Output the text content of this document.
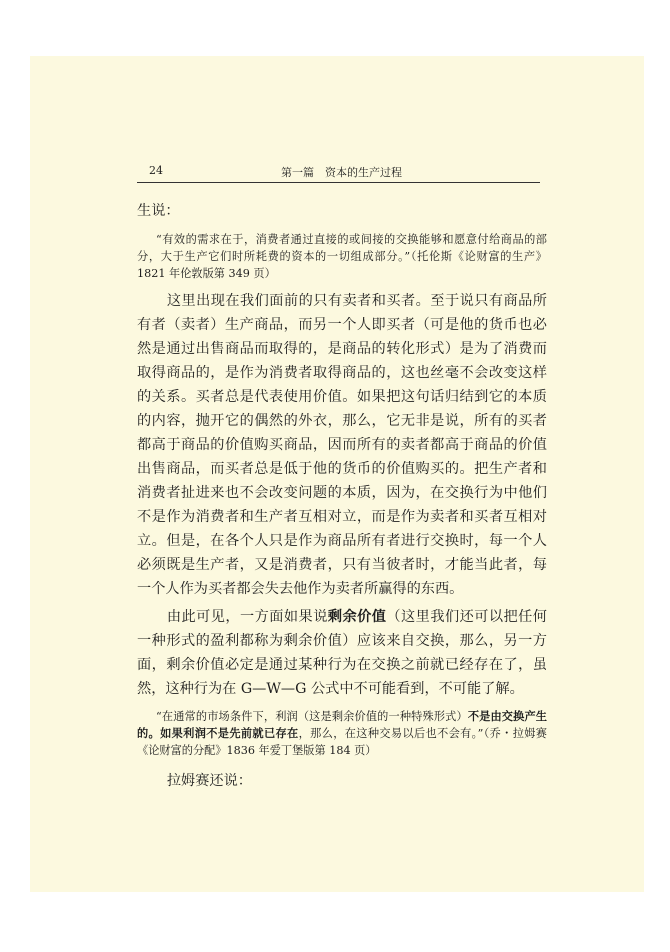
24	第一篇　资本的生产过程

生说：

“有效的需求在于，消费者通过直接的或间接的交换能够和愿意付给商品的部分，大于生产它们时所耗费的资本的一切组成部分。”（托伦斯《论财富的生产》1821 年伦敦版第 349 页）

这里出现在我们面前的只有卖者和买者。至于说只有商品所有者（卖者）生产商品，而另一个人即买者（可是他的货币也必然是通过出售商品而取得的，是商品的转化形式）是为了消费而取得商品的，是作为消费者取得商品的，这也丝毫不会改变这样的关系。买者总是代表使用价值。如果把这句话归结到它的本质的内容，抛开它的偶然的外衣，那么，它无非是说，所有的买者都高于商品的价值购买商品，因而所有的卖者都高于商品的价值出售商品，而买者总是低于他的货币的价值购买的。把生产者和消费者扯进来也不会改变问题的本质，因为，在交换行为中他们不是作为消费者和生产者互相对立，而是作为卖者和买者互相对立。但是，在各个人只是作为商品所有者进行交换时，每一个人必须既是生产者，又是消费者，只有当彼者时，才能当此者，每一个人作为买者都会失去他作为卖者所赢得的东西。

由此可见，一方面如果说剩余价值（这里我们还可以把任何一种形式的盈利都称为剩余价值）应该来自交换，那么，另一方面，剩余价值必定是通过某种行为在交换之前就已经存在了，虽然，这种行为在 G—W—G 公式中不可能看到，不可能了解。

“在通常的市场条件下，利润（这是剩余价值的一种特殊形式）不是由交换产生的。如果利润不是先前就已存在，那么，在这种交易以后也不会有。”（乔・拉姆赛《论财富的分配》1836 年爱丁堡版第 184 页）

拉姆赛还说：
